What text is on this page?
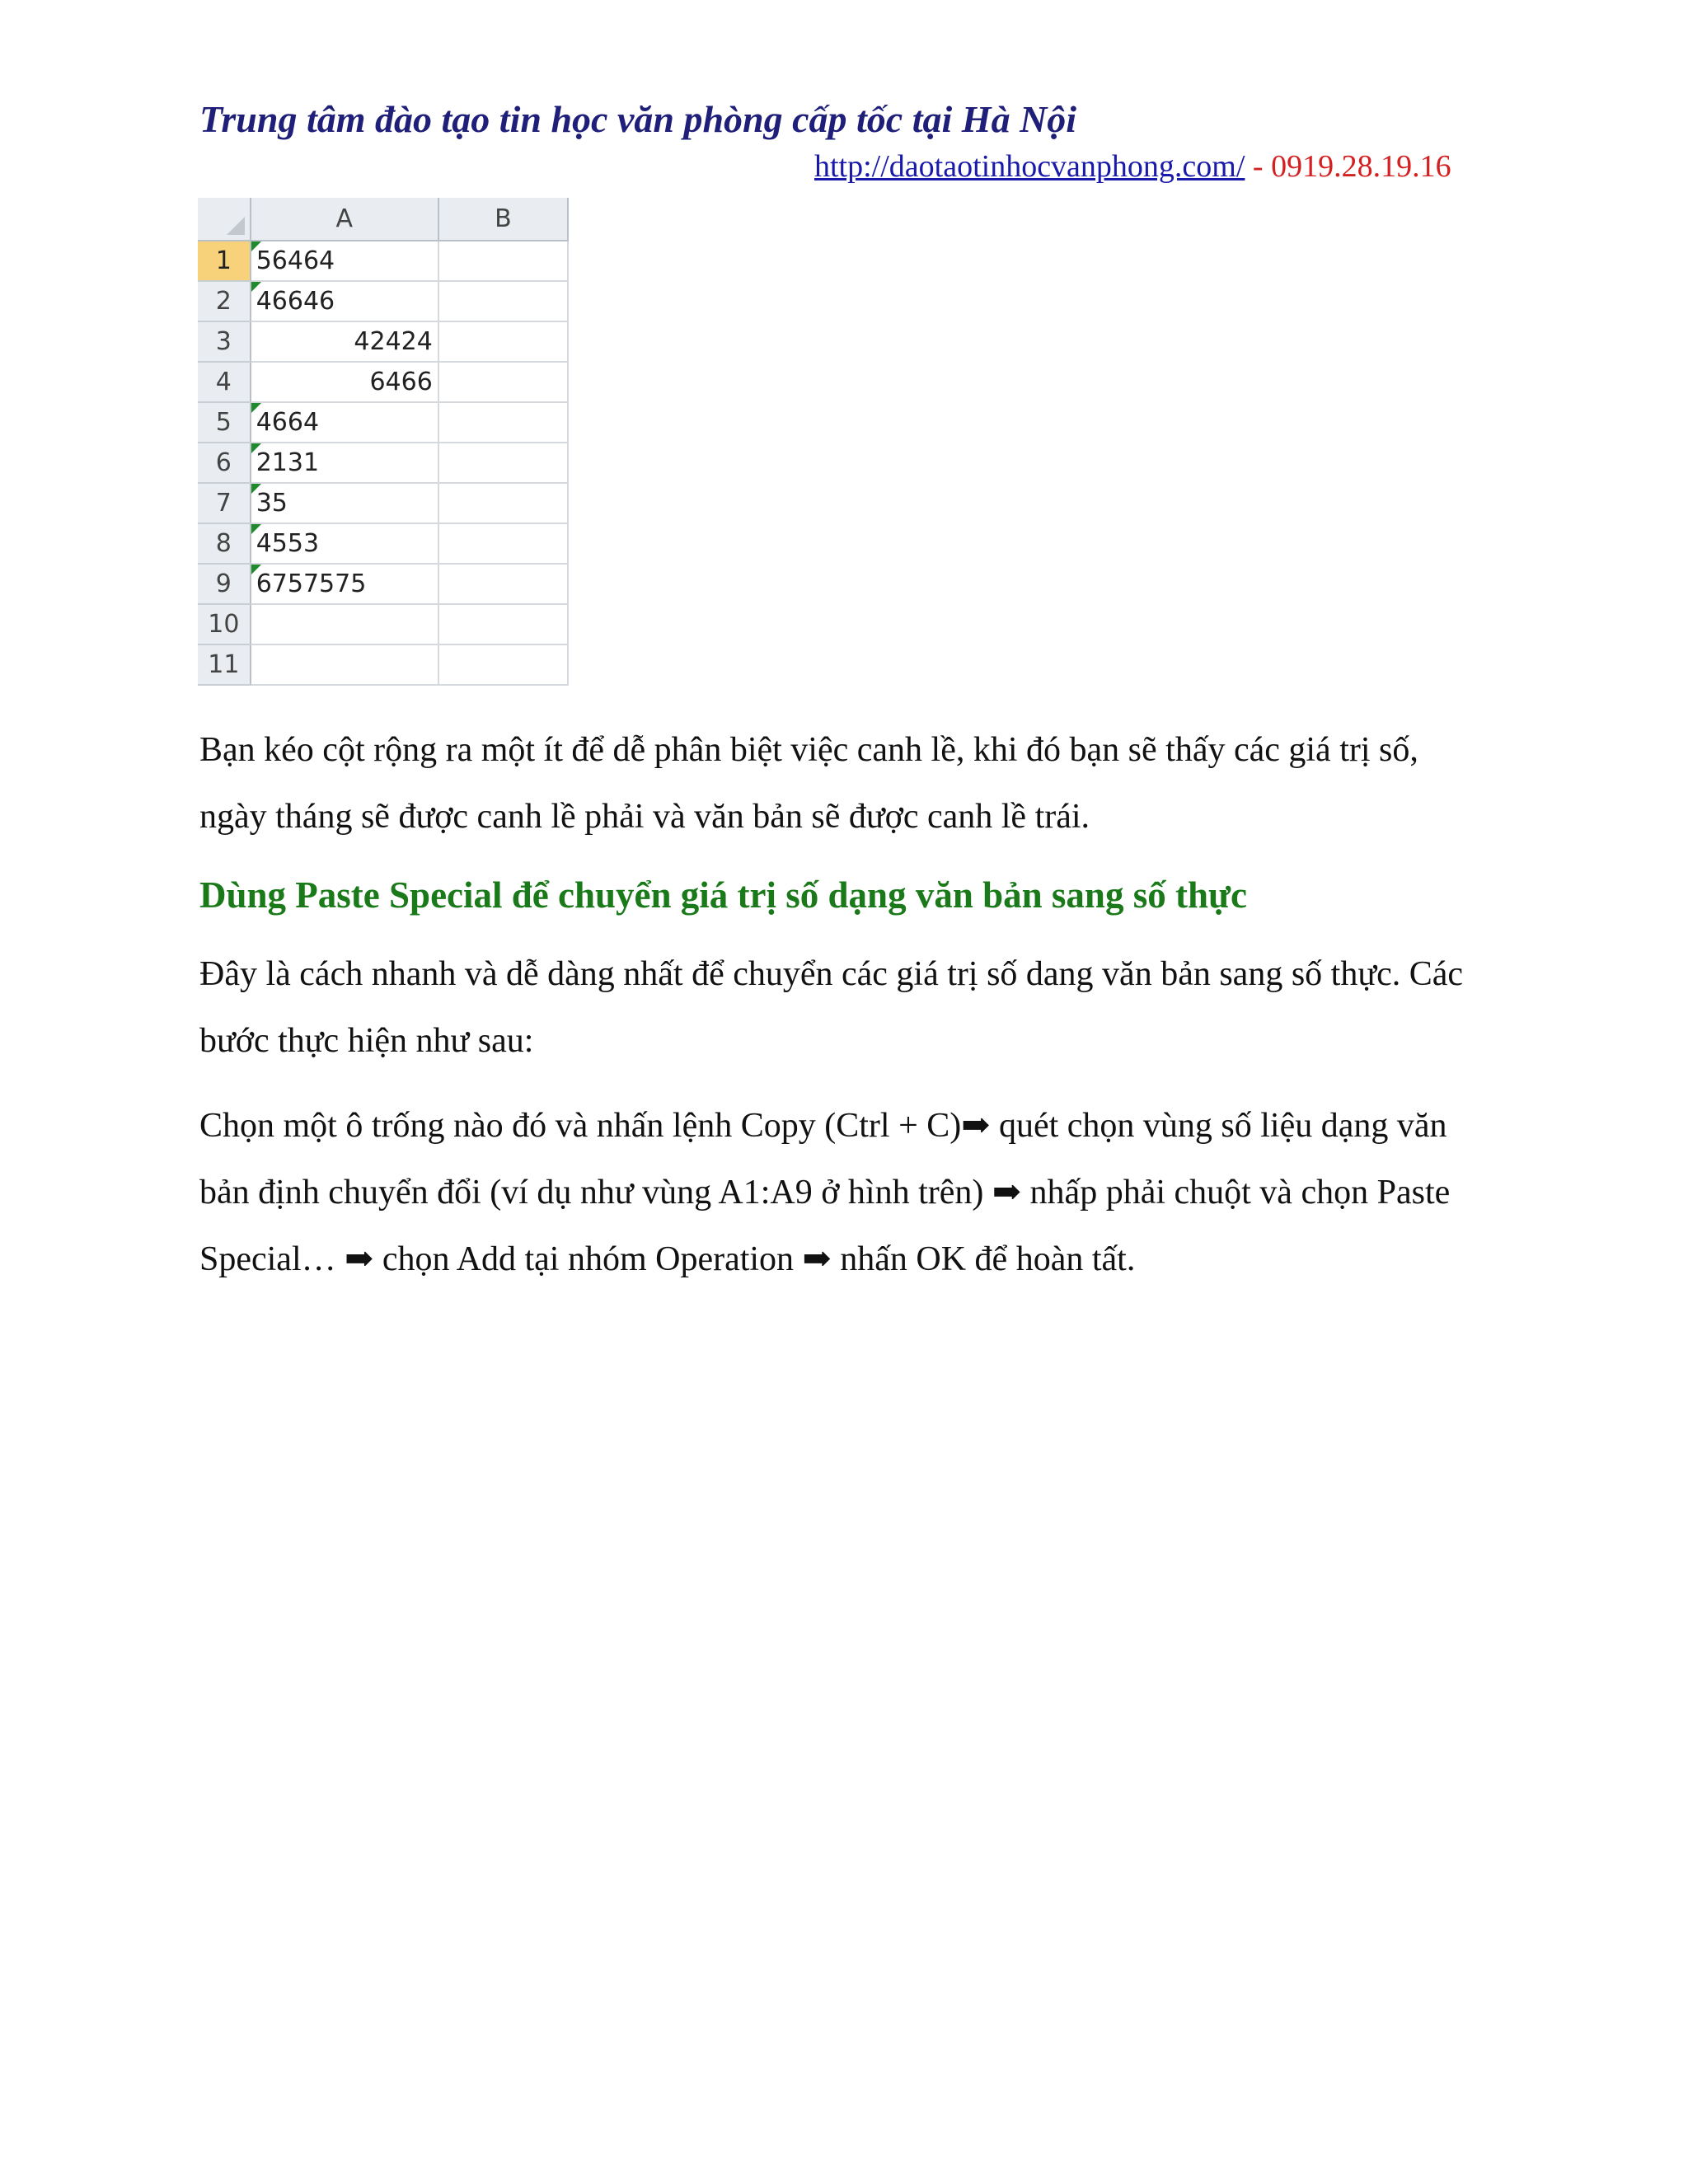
Trung tâm đào tạo tin học văn phòng cấp tốc tại Hà Nội
http://daotaotinhocvanphong.com/ - 0919.28.19.16
	A	B
1	56464	
2	46646	
3	42424	
4	6466	
5	4664	
6	2131	
7	35	
8	4553	
9	6757575	
10		
11		

Bạn kéo cột rộng ra một ít để dễ phân biệt việc canh lề, khi đó bạn sẽ thấy các giá trị số, ngày tháng sẽ được canh lề phải và văn bản sẽ được canh lề trái.

Dùng Paste Special để chuyển giá trị số dạng văn bản sang số thực

Đây là cách nhanh và dễ dàng nhất để chuyển các giá trị số dang văn bản sang số thực. Các bước thực hiện như sau:

Chọn một ô trống nào đó và nhấn lệnh Copy (Ctrl + C)➡ quét chọn vùng số liệu dạng văn bản định chuyển đổi (ví dụ như vùng A1:A9 ở hình trên) ➡ nhấp phải chuột và chọn Paste Special… ➡ chọn Add tại nhóm Operation ➡ nhấn OK để hoàn tất.
